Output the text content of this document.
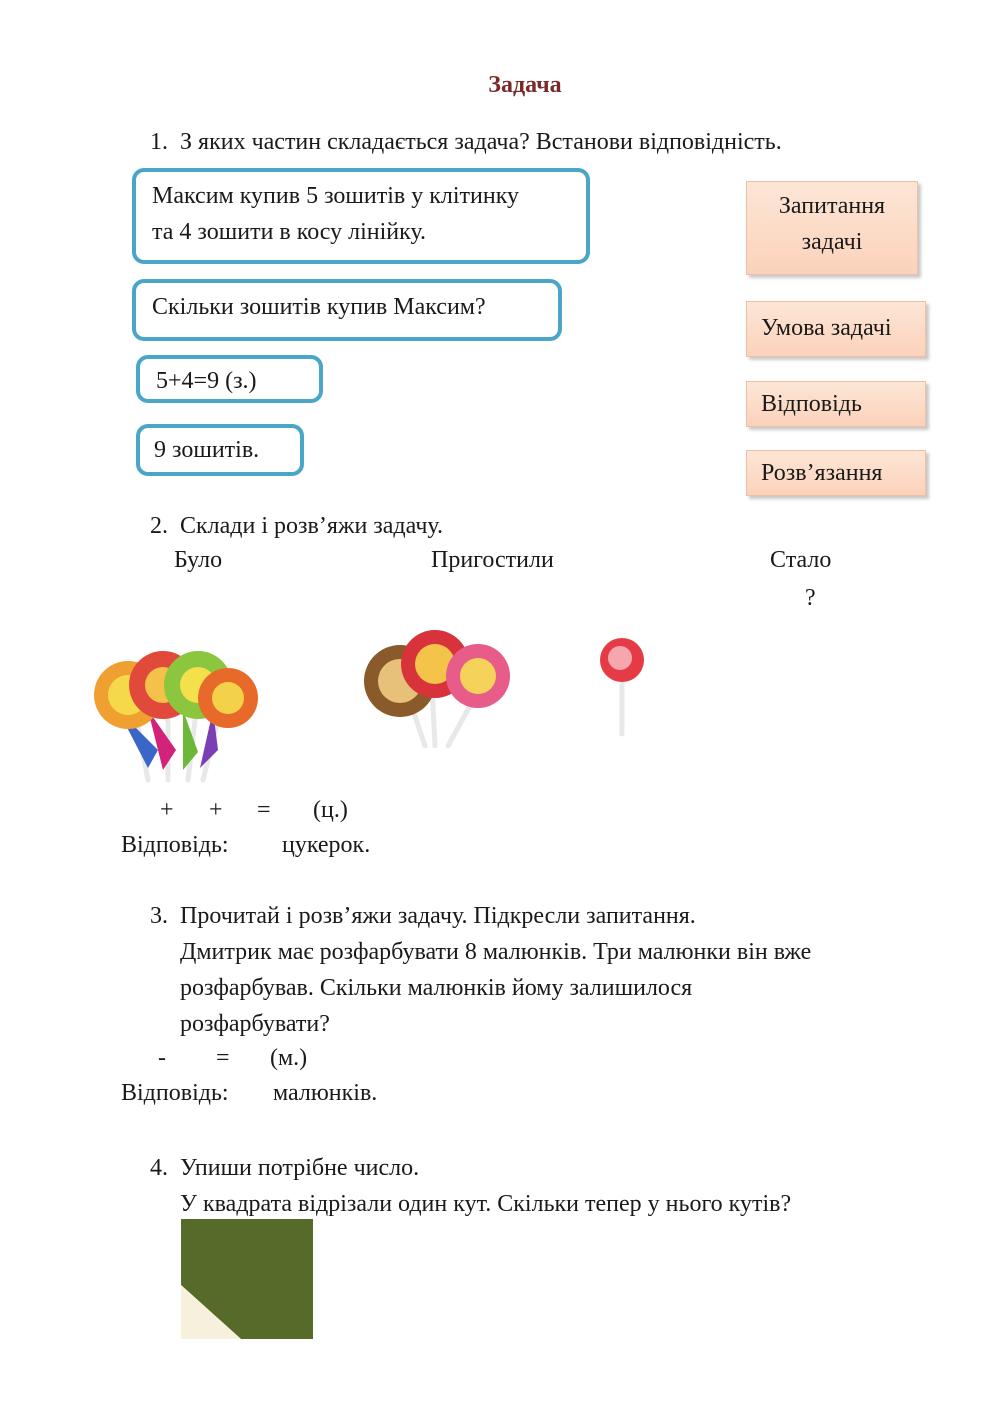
Задача
1. З яких частин складається задача? Встанови відповідність.
Максим купив 5 зошитів у клітинку
та 4 зошити в косу лінійку.
Скільки зошитів купив Максим?
5+4=9 (з.)
9 зошитів.
Запитання
задачі
Умова задачі
Відповідь
Розв’язання
2. Склади і розв’яжи задачу.
Було	Пригостили	Стало
?
+ + = (ц.)
Відповідь: цукерок.
3. Прочитай і розв’яжи задачу. Підкресли запитання.
Дмитрик має розфарбувати 8 малюнків. Три малюнки він вже
розфарбував. Скільки малюнків йому залишилося
розфарбувати?
- = (м.)
Відповідь: малюнків.
4. Упиши потрібне число.
У квадрата відрізали один кут. Скільки тепер у нього кутів?
